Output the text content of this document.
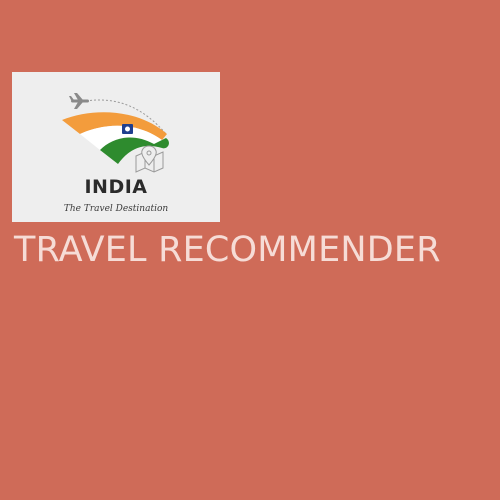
INDIA
The Travel Destination
TRAVEL RECOMMENDER
